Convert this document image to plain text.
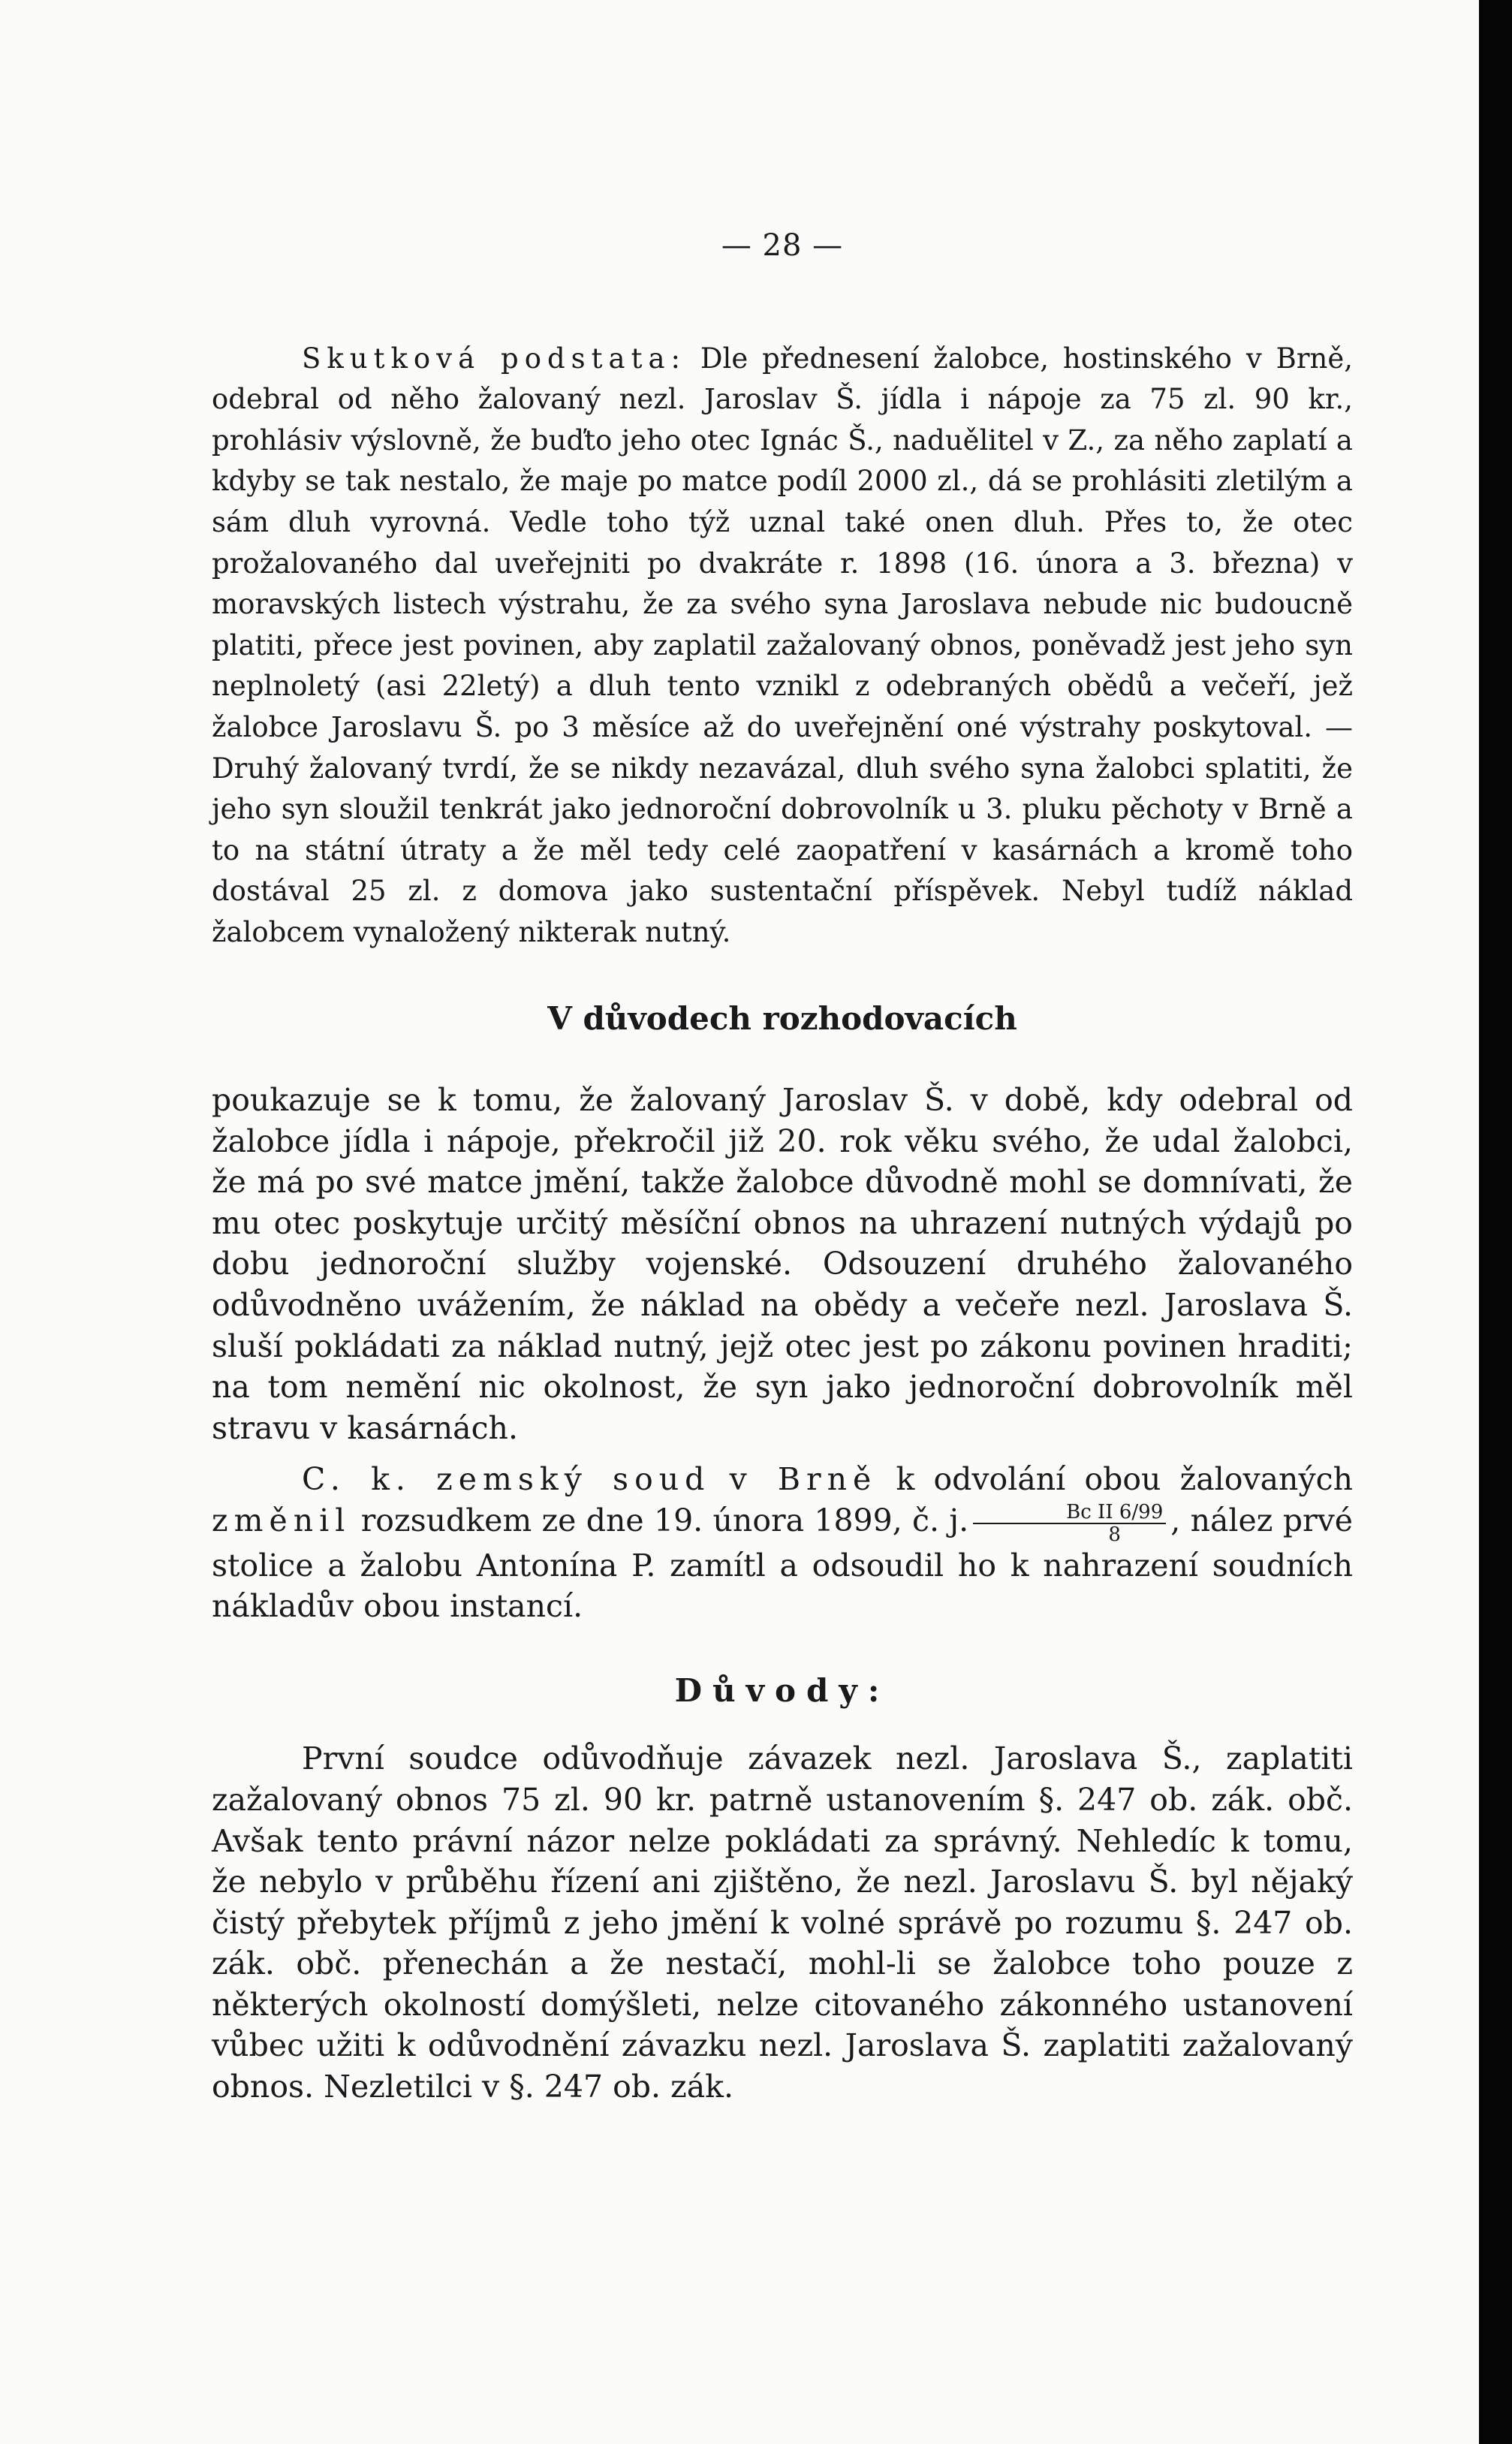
— 28 —

Skutková podstata: Dle přednesení žalobce, hostinského v Brně, odebral od něho žalovaný nezl. Jaroslav Š. jídla i nápoje za 75 zl. 90 kr., prohlásiv výslovně, že buďto jeho otec Ignác Š., naduělitel v Z., za něho zaplatí a kdyby se tak nestalo, že maje po matce podíl 2000 zl., dá se prohlásiti zletilým a sám dluh vyrovná. Vedle toho týž uznal také onen dluh. Přes to, že otec prožalovaného dal uveřejniti po dvakráte r. 1898 (16. února a 3. března) v moravských listech výstrahu, že za svého syna Jaroslava nebude nic budoucně platiti, přece jest povinen, aby zaplatil zažalovaný obnos, poněvadž jest jeho syn neplnoletý (asi 22letý) a dluh tento vznikl z odebraných obědů a večeří, jež žalobce Jaroslavu Š. po 3 měsíce až do uveřejnění oné výstrahy poskytoval. — Druhý žalovaný tvrdí, že se nikdy nezavázal, dluh svého syna žalobci splatiti, že jeho syn sloužil tenkrát jako jednoroční dobrovolník u 3. pluku pěchoty v Brně a to na státní útraty a že měl tedy celé zaopatření v kasárnách a kromě toho dostával 25 zl. z domova jako sustentační příspěvek. Nebyl tudíž náklad žalobcem vynaložený nikterak nutný.

V důvodech rozhodovacích

poukazuje se k tomu, že žalovaný Jaroslav Š. v době, kdy odebral od žalobce jídla i nápoje, překročil již 20. rok věku svého, že udal žalobci, že má po své matce jmění, takže žalobce důvodně mohl se domnívati, že mu otec poskytuje určitý měsíční obnos na uhrazení nutných výdajů po dobu jednoroční služby vojenské. Odsouzení druhého žalovaného odůvodněno uvážením, že náklad na obědy a večeře nezl. Jaroslava Š. sluší pokládati za náklad nutný, jejž otec jest po zákonu povinen hraditi; na tom nemění nic okolnost, že syn jako jednoroční dobrovolník měl stravu v kasárnách.

C. k. zemský soud v Brně k odvolání obou žalovaných změnil rozsudkem ze dne 19. února 1899, č. j. $\frac{\text{Bc II 6/99}}{8}$ , nález prvé stolice a žalobu Antonína P. zamítl a odsoudil ho k nahrazení soudních nákladův obou instancí.

Důvody:

První soudce odůvodňuje závazek nezl. Jaroslava Š., zaplatiti zažalovaný obnos 75 zl. 90 kr. patrně ustanovením §. 247 ob. zák. obč. Avšak tento právní názor nelze pokládati za správný. Nehledíc k tomu, že nebylo v průběhu řízení ani zjištěno, že nezl. Jaroslavu Š. byl nějaký čistý přebytek příjmů z jeho jmění k volné správě po rozumu §. 247 ob. zák. obč. přenechán a že nestačí, mohl-li se žalobce toho pouze z některých okolností domýšleti, nelze citovaného zákonného ustanovení vůbec užiti k odůvodnění závazku nezl. Jaroslava Š. zaplatiti zažalovaný obnos. Nezletilci v §. 247 ob. zák.
